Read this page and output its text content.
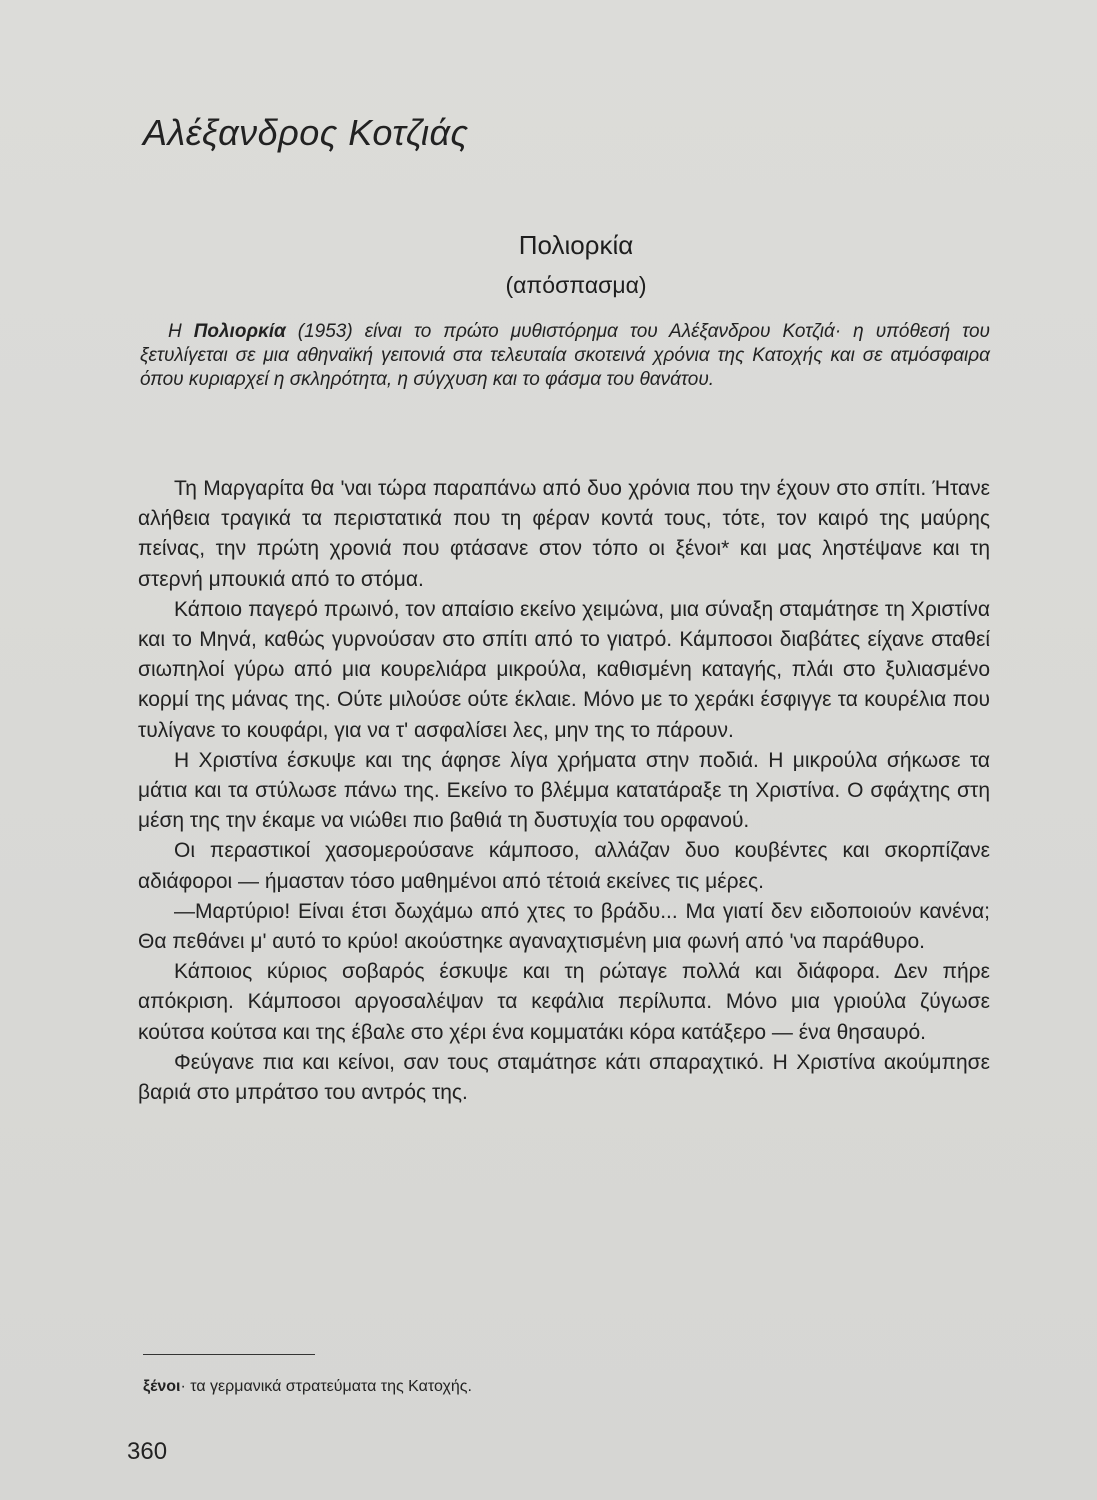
Αλέξανδρος Κοτζιάς
Πολιορκία
(απόσπασμα)
Η Πολιορκία (1953) είναι το πρώτο μυθιστόρημα του Αλέξανδρου Κοτζιά· η υπόθεσή του ξετυλίγεται σε μια αθηναϊκή γειτονιά στα τελευταία σκοτεινά χρόνια της Κατοχής και σε ατμόσφαιρα όπου κυριαρχεί η σκληρότητα, η σύγχυση και το φάσμα του θανάτου.

Τη Μαργαρίτα θα 'ναι τώρα παραπάνω από δυο χρόνια που την έχουν στο σπίτι. Ήτανε αλήθεια τραγικά τα περιστατικά που τη φέραν κοντά τους, τότε, τον καιρό της μαύρης πείνας, την πρώτη χρονιά που φτάσανε στον τόπο οι ξένοι* και μας ληστέψανε και τη στερνή μπουκιά από το στόμα.

Κάποιο παγερό πρωινό, τον απαίσιο εκείνο χειμώνα, μια σύναξη σταμάτησε τη Χριστίνα και το Μηνά, καθώς γυρνούσαν στο σπίτι από το γιατρό. Κάμποσοι διαβάτες είχανε σταθεί σιωπηλοί γύρω από μια κουρελιάρα μικρούλα, καθισμένη καταγής, πλάι στο ξυλιασμένο κορμί της μάνας της. Ούτε μιλούσε ούτε έκλαιε. Μόνο με το χεράκι έσφιγγε τα κουρέλια που τυλίγανε το κουφάρι, για να τ' ασφαλίσει λες, μην της το πάρουν.

Η Χριστίνα έσκυψε και της άφησε λίγα χρήματα στην ποδιά. Η μικρούλα σήκωσε τα μάτια και τα στύλωσε πάνω της. Εκείνο το βλέμμα κατατάραξε τη Χριστίνα. Ο σφάχτης στη μέση της την έκαμε να νιώθει πιο βαθιά τη δυστυχία του ορφανού.

Οι περαστικοί χασομερούσανε κάμποσο, αλλάζαν δυο κουβέντες και σκορπίζανε αδιάφοροι — ήμασταν τόσο μαθημένοι από τέτοιά εκείνες τις μέρες.

—Μαρτύριο! Είναι έτσι δωχάμω από χτες το βράδυ... Μα γιατί δεν ειδοποιούν κανένα; Θα πεθάνει μ' αυτό το κρύο! ακούστηκε αγαναχτισμένη μια φωνή από 'να παράθυρο.

Κάποιος κύριος σοβαρός έσκυψε και τη ρώταγε πολλά και διάφορα. Δεν πήρε απόκριση. Κάμποσοι αργοσαλέψαν τα κεφάλια περίλυπα. Μόνο μια γριούλα ζύγωσε κούτσα κούτσα και της έβαλε στο χέρι ένα κομματάκι κόρα κατάξερο — ένα θησαυρό.

Φεύγανε πια και κείνοι, σαν τους σταμάτησε κάτι σπαραχτικό. Η Χριστίνα ακούμπησε βαριά στο μπράτσο του αντρός της.

ξένοι· τα γερμανικά στρατεύματα της Κατοχής.
360
